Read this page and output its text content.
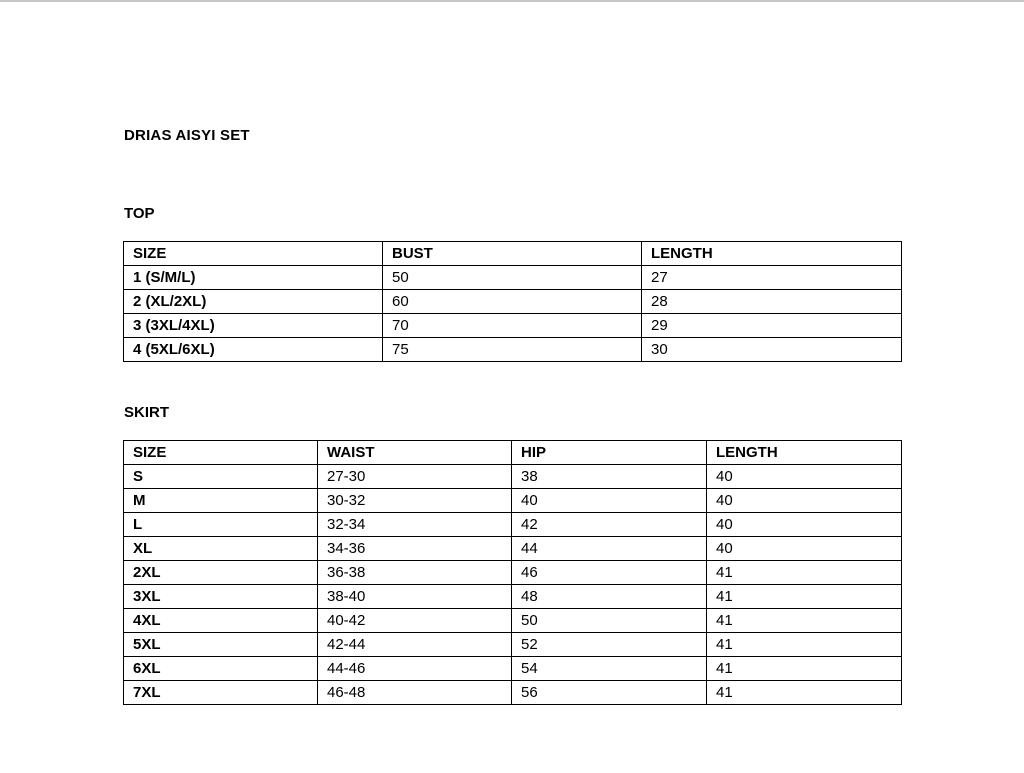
DRIAS AISYI SET
TOP
SIZE	BUST	LENGTH
1 (S/M/L)	50	27
2 (XL/2XL)	60	28
3 (3XL/4XL)	70	29
4 (5XL/6XL)	75	30
SKIRT
SIZE	WAIST	HIP	LENGTH
S	27-30	38	40
M	30-32	40	40
L	32-34	42	40
XL	34-36	44	40
2XL	36-38	46	41
3XL	38-40	48	41
4XL	40-42	50	41
5XL	42-44	52	41
6XL	44-46	54	41
7XL	46-48	56	41
